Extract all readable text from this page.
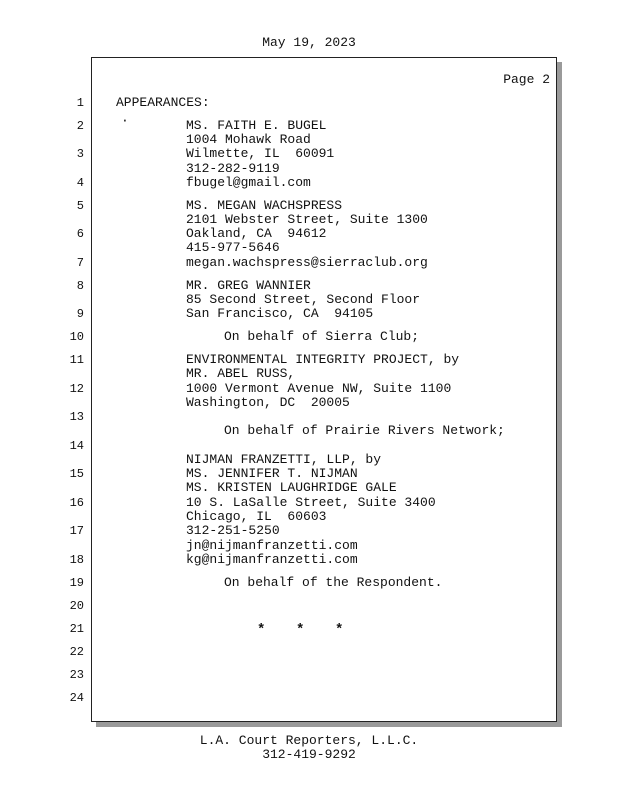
May 19, 2023
Page 2
1
2
3
4
5
6
7
8
9
10
11
12
13
14
15
16
17
18
19
20
21
22
23
24
APPEARANCES:
·	MS. FAITH E. BUGEL
1004 Mohawk Road
Wilmette, IL  60091
312-282-9119
fbugel@gmail.com
MS. MEGAN WACHSPRESS
2101 Webster Street, Suite 1300
Oakland, CA  94612
415-977-5646
megan.wachspress@sierraclub.org
MR. GREG WANNIER
85 Second Street, Second Floor
San Francisco, CA  94105
On behalf of Sierra Club;
ENVIRONMENTAL INTEGRITY PROJECT, by
MR. ABEL RUSS,
1000 Vermont Avenue NW, Suite 1100
Washington, DC  20005
On behalf of Prairie Rivers Network;
NIJMAN FRANZETTI, LLP, by
MS. JENNIFER T. NIJMAN
MS. KRISTEN LAUGHRIDGE GALE
10 S. LaSalle Street, Suite 3400
Chicago, IL  60603
312-251-5250
jn@nijmanfranzetti.com
kg@nijmanfranzetti.com
On behalf of the Respondent.
* * *
L.A. Court Reporters, L.L.C.
312-419-9292
